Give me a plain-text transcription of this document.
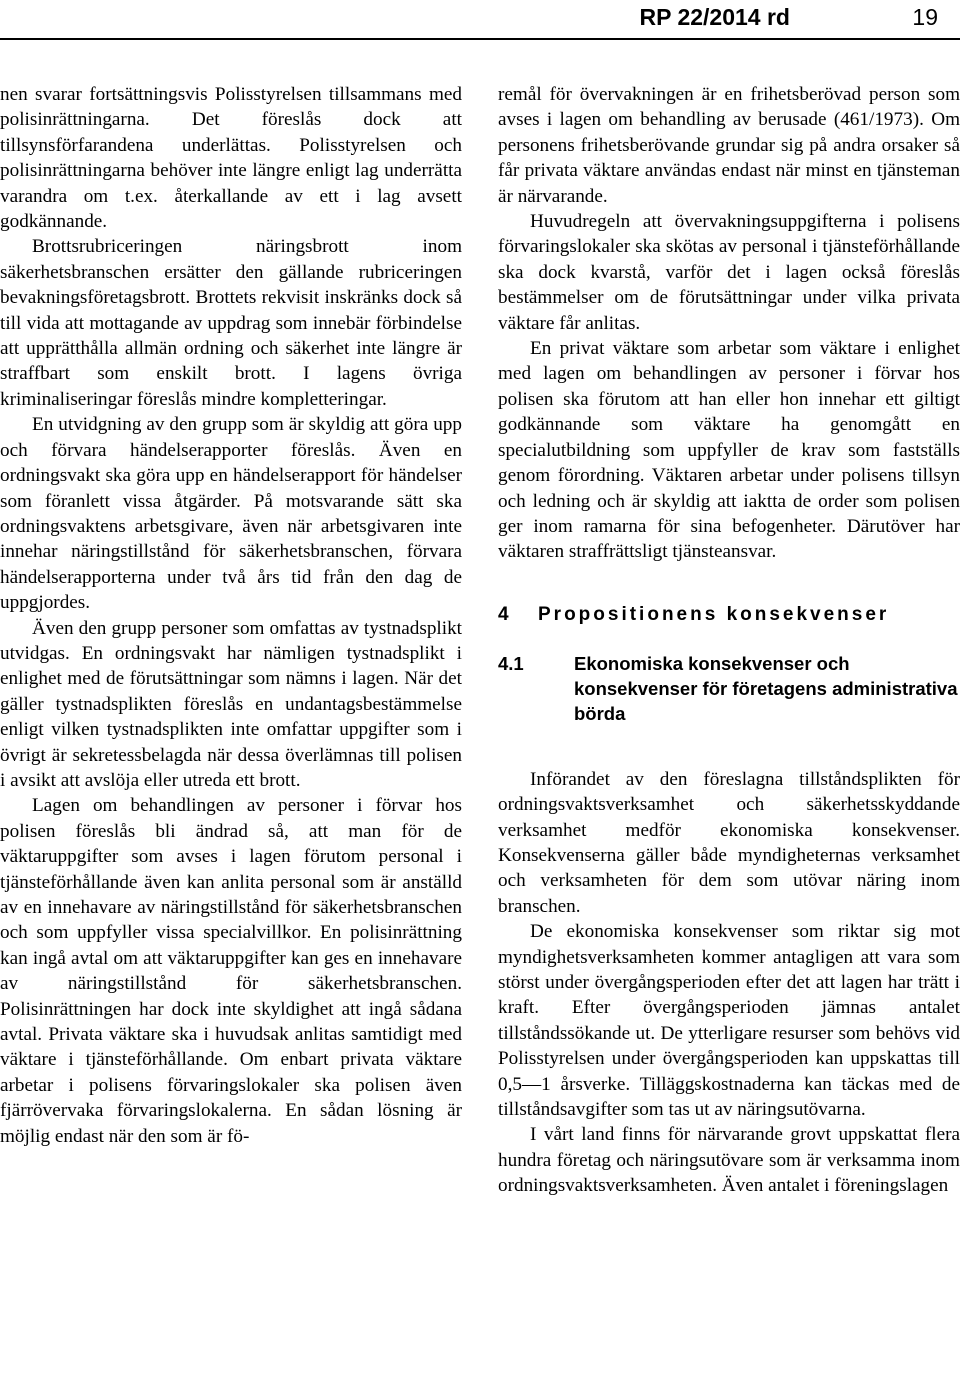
RP 22/2014 rd	19

nen svarar fortsättningsvis Polisstyrelsen tillsammans med polisinrättningarna. Det föreslås dock att tillsynsförfarandena underlättas. Polisstyrelsen och polisinrättningarna behöver inte längre enligt lag underrätta varandra om t.ex. återkallande av ett i lag avsett godkännande.

Brottsrubriceringen näringsbrott inom säkerhetsbranschen ersätter den gällande rubriceringen bevakningsföretagsbrott. Brottets rekvisit inskränks dock så till vida att mottagande av uppdrag som innebär förbindelse att upprätthålla allmän ordning och säkerhet inte längre är straffbart som enskilt brott. I lagens övriga kriminaliseringar föreslås mindre kompletteringar.

En utvidgning av den grupp som är skyldig att göra upp och förvara händelserapporter föreslås. Även en ordningsvakt ska göra upp en händelserapport för händelser som föranlett vissa åtgärder. På motsvarande sätt ska ordningsvaktens arbetsgivare, även när arbetsgivaren inte innehar näringstillstånd för säkerhetsbranschen, förvara händelserapporterna under två års tid från den dag de uppgjordes.

Även den grupp personer som omfattas av tystnadsplikt utvidgas. En ordningsvakt har nämligen tystnadsplikt i enlighet med de förutsättningar som nämns i lagen. När det gäller tystnadsplikten föreslås en undantagsbestämmelse enligt vilken tystnadsplikten inte omfattar uppgifter som i övrigt är sekretessbelagda när dessa överlämnas till polisen i avsikt att avslöja eller utreda ett brott.

Lagen om behandlingen av personer i förvar hos polisen föreslås bli ändrad så, att man för de väktaruppgifter som avses i lagen förutom personal i tjänsteförhållande även kan anlita personal som är anställd av en innehavare av näringstillstånd för säkerhetsbranschen och som uppfyller vissa specialvillkor. En polisinrättning kan ingå avtal om att väktaruppgifter kan ges en innehavare av näringstillstånd för säkerhetsbranschen. Polisinrättningen har dock inte skyldighet att ingå sådana avtal. Privata väktare ska i huvudsak anlitas samtidigt med väktare i tjänsteförhållande. Om enbart privata väktare arbetar i polisens förvaringslokaler ska polisen även fjärrövervaka förvaringslokalerna. En sådan lösning är möjlig endast när den som är fö-

remål för övervakningen är en frihetsberövad person som avses i lagen om behandling av berusade (461/1973). Om personens frihetsberövande grundar sig på andra orsaker så får privata väktare användas endast när minst en tjänsteman är närvarande.

Huvudregeln att övervakningsuppgifterna i polisens förvaringslokaler ska skötas av personal i tjänsteförhållande ska dock kvarstå, varför det i lagen också föreslås bestämmelser om de förutsättningar under vilka privata väktare får anlitas.

En privat väktare som arbetar som väktare i enlighet med lagen om behandlingen av personer i förvar hos polisen ska förutom att han eller hon innehar ett giltigt godkännande som väktare ha genomgått en specialutbildning som uppfyller de krav som fastställs genom förordning. Väktaren arbetar under polisens tillsyn och ledning och är skyldig att iaktta de order som polisen ger inom ramarna för sina befogenheter. Därutöver har väktaren straffrättsligt tjänsteansvar.

4	Propositionens konsekvenser
4.1	Ekonomiska konsekvenser och konsekvenser för företagens administrativa börda

Införandet av den föreslagna tillståndsplikten för ordningsvaktsverksamhet och säkerhetsskyddande verksamhet medför ekonomiska konsekvenser. Konsekvenserna gäller både myndigheternas verksamhet och verksamheten för dem som utövar näring inom branschen.

De ekonomiska konsekvenser som riktar sig mot myndighetsverksamheten kommer antagligen att vara som störst under övergångsperioden efter det att lagen har trätt i kraft. Efter övergångsperioden jämnas antalet tillståndssökande ut. De ytterligare resurser som behövs vid Polisstyrelsen under övergångsperioden kan uppskattas till 0,5—1 årsverke. Tilläggskostnaderna kan täckas med de tillståndsavgifter som tas ut av näringsutövarna.

I vårt land finns för närvarande grovt uppskattat flera hundra företag och näringsutövare som är verksamma inom ordningsvaktsverksamheten. Även antalet i föreningslagen
